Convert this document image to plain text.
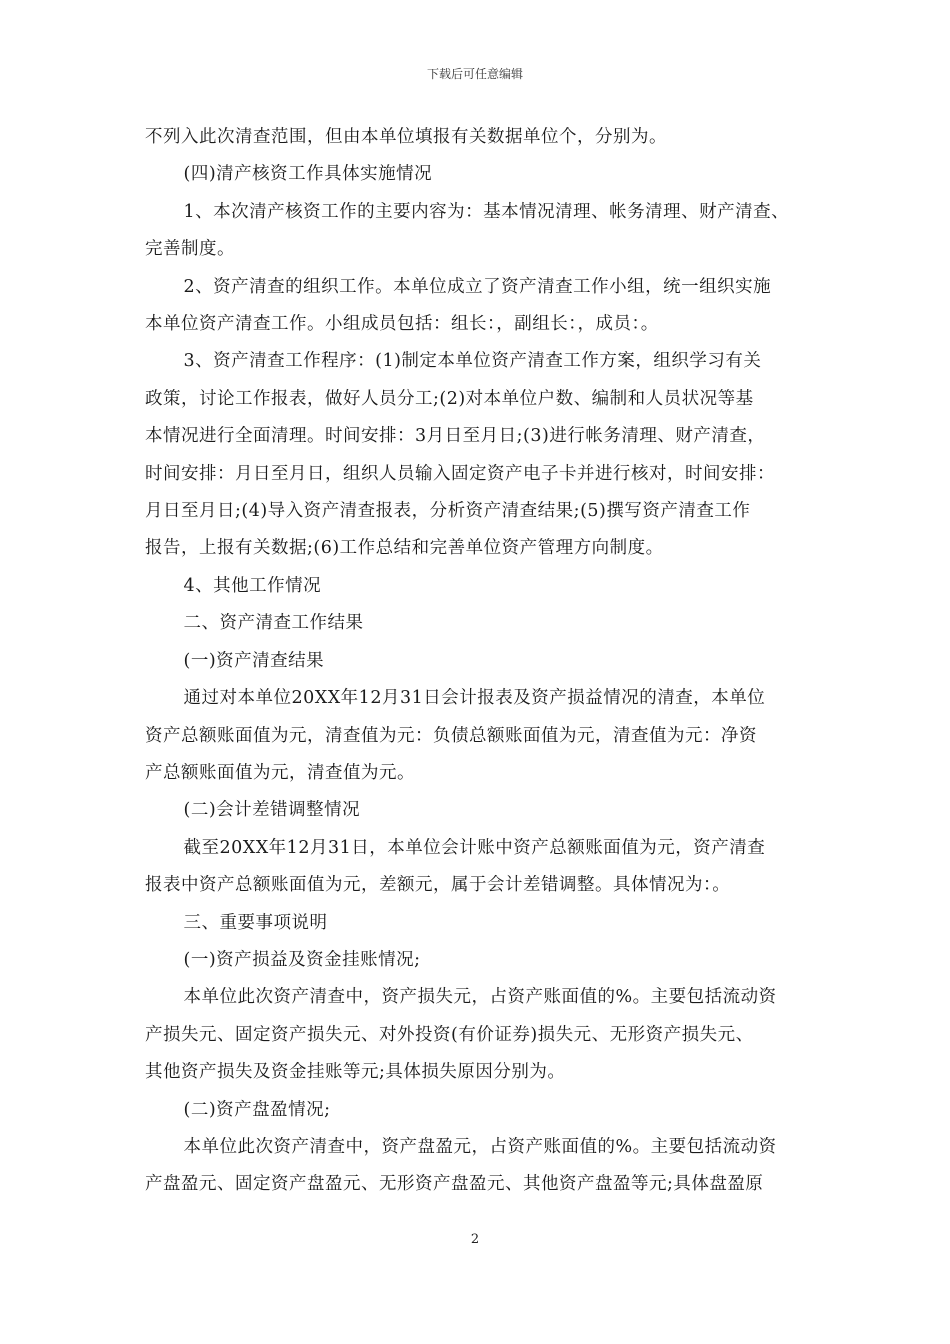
下载后可任意编辑

不列入此次清查范围，但由本单位填报有关数据单位个，分别为。

(四)清产核资工作具体实施情况

1、本次清产核资工作的主要内容为：基本情况清理、帐务清理、财产清查、
完善制度。

2、资产清查的组织工作。本单位成立了资产清查工作小组，统一组织实施
本单位资产清查工作。小组成员包括：组长：，副组长：，成员：。

3、资产清查工作程序：(1)制定本单位资产清查工作方案，组织学习有关
政策，讨论工作报表，做好人员分工;(2)对本单位户数、编制和人员状况等基
本情况进行全面清理。时间安排：3月日至月日;(3)进行帐务清理、财产清查，
时间安排：月日至月日，组织人员输入固定资产电子卡并进行核对，时间安排：
月日至月日;(4)导入资产清查报表，分析资产清查结果;(5)撰写资产清查工作
报告，上报有关数据;(6)工作总结和完善单位资产管理方向制度。

4、其他工作情况

二、资产清查工作结果

(一)资产清查结果

通过对本单位20XX年12月31日会计报表及资产损益情况的清查，本单位
资产总额账面值为元，清查值为元：负债总额账面值为元，清查值为元：净资
产总额账面值为元，清查值为元。

(二)会计差错调整情况

截至20XX年12月31日，本单位会计账中资产总额账面值为元，资产清查
报表中资产总额账面值为元，差额元，属于会计差错调整。具体情况为：。

三、重要事项说明

(一)资产损益及资金挂账情况;

本单位此次资产清查中，资产损失元，占资产账面值的%。主要包括流动资
产损失元、固定资产损失元、对外投资(有价证券)损失元、无形资产损失元、
其他资产损失及资金挂账等元;具体损失原因分别为。

(二)资产盘盈情况;

本单位此次资产清查中，资产盘盈元，占资产账面值的%。主要包括流动资
产盘盈元、固定资产盘盈元、无形资产盘盈元、其他资产盘盈等元;具体盘盈原

2
